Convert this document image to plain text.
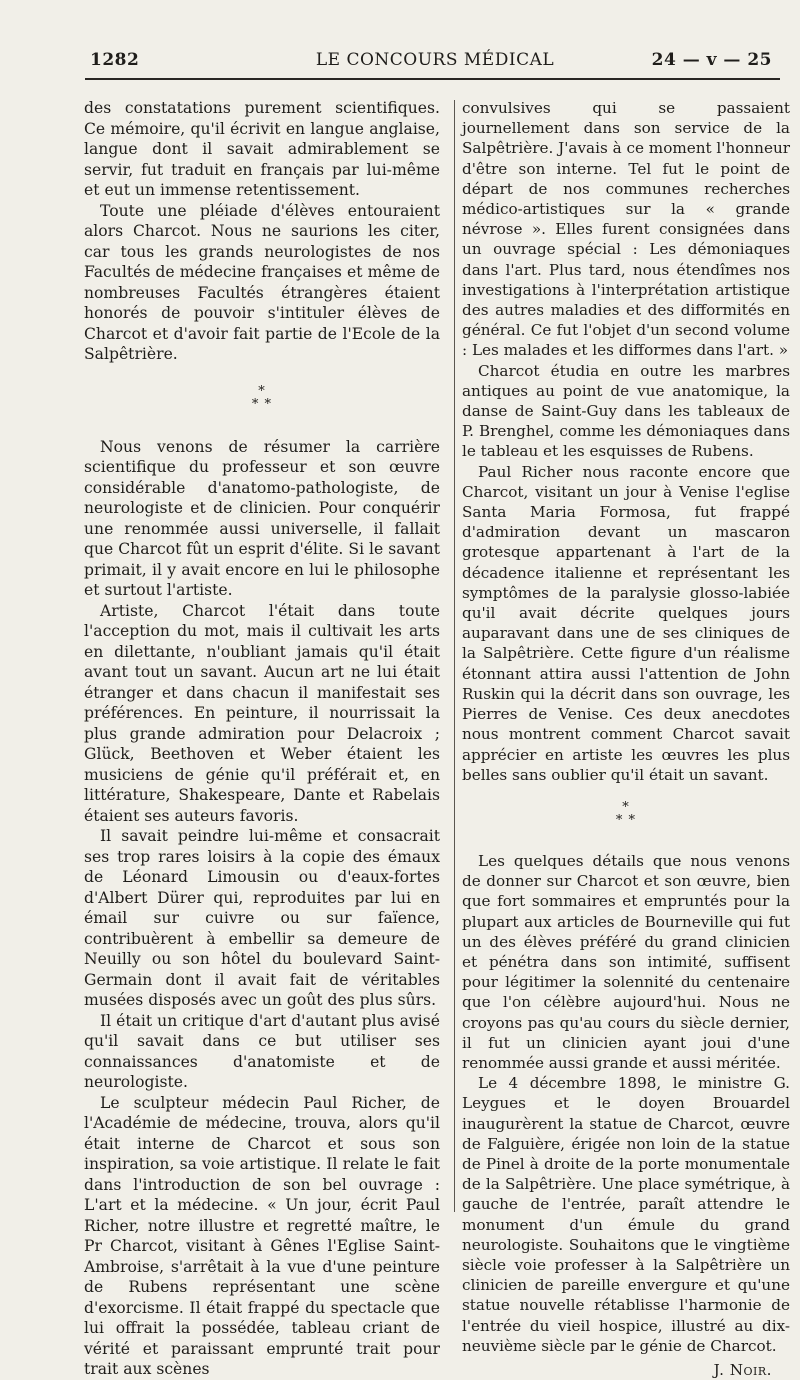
1282	LE CONCOURS MÉDICAL	24 — v — 25

des constatations purement scientifiques. Ce mémoire, qu'il écrivit en langue anglaise, langue dont il savait admirablement se servir, fut traduit en français par lui-même et eut un immense retentissement.

Toute une pléiade d'élèves entouraient alors Charcot. Nous ne saurions les citer, car tous les grands neurologistes de nos Facultés de médecine françaises et même de nombreuses Facultés étrangères étaient honorés de pouvoir s'intituler élèves de Charcot et d'avoir fait partie de l'Ecole de la Salpêtrière.

*
* *

Nous venons de résumer la carrière scientifique du professeur et son œuvre considérable d'anatomo-pathologiste, de neurologiste et de clinicien. Pour conquérir une renommée aussi universelle, il fallait que Charcot fût un esprit d'élite. Si le savant primait, il y avait encore en lui le philosophe et surtout l'artiste.

Artiste, Charcot l'était dans toute l'acception du mot, mais il cultivait les arts en dilettante, n'oubliant jamais qu'il était avant tout un savant. Aucun art ne lui était étranger et dans chacun il manifestait ses préférences. En peinture, il nourrissait la plus grande admiration pour Delacroix ; Glück, Beethoven et Weber étaient les musiciens de génie qu'il préférait et, en littérature, Shakespeare, Dante et Rabelais étaient ses auteurs favoris.

Il savait peindre lui-même et consacrait ses trop rares loisirs à la copie des émaux de Léonard Limousin ou d'eaux-fortes d'Albert Dürer qui, reproduites par lui en émail sur cuivre ou sur faïence, contribuèrent à embellir sa demeure de Neuilly ou son hôtel du boulevard Saint-Germain dont il avait fait de véritables musées disposés avec un goût des plus sûrs.

Il était un critique d'art d'autant plus avisé qu'il savait dans ce but utiliser ses connaissances d'anatomiste et de neurologiste.

Le sculpteur médecin Paul Richer, de l'Académie de médecine, trouva, alors qu'il était interne de Charcot et sous son inspiration, sa voie artistique. Il relate le fait dans l'introduction de son bel ouvrage : L'art et la médecine. « Un jour, écrit Paul Richer, notre illustre et regretté maître, le Pr Charcot, visitant à Gênes l'Eglise Saint-Ambroise, s'arrêtait à la vue d'une peinture de Rubens représentant une scène d'exorcisme. Il était frappé du spectacle que lui offrait la possédée, tableau criant de vérité et paraissant emprunté trait pour trait aux scènes

convulsives qui se passaient journellement dans son service de la Salpêtrière. J'avais à ce moment l'honneur d'être son interne. Tel fut le point de départ de nos communes recherches médico-artistiques sur la « grande névrose ». Elles furent consignées dans un ouvrage spécial : Les démoniaques dans l'art. Plus tard, nous étendîmes nos investigations à l'interprétation artistique des autres maladies et des difformités en général. Ce fut l'objet d'un second volume : Les malades et les difformes dans l'art. »

Charcot étudia en outre les marbres antiques au point de vue anatomique, la danse de Saint-Guy dans les tableaux de P. Brenghel, comme les démoniaques dans le tableau et les esquisses de Rubens.

Paul Richer nous raconte encore que Charcot, visitant un jour à Venise l'eglise Santa Maria Formosa, fut frappé d'admiration devant un mascaron grotesque appartenant à l'art de la décadence italienne et représentant les symptômes de la paralysie glosso-labiée qu'il avait décrite quelques jours auparavant dans une de ses cliniques de la Salpêtrière. Cette figure d'un réalisme étonnant attira aussi l'attention de John Ruskin qui la décrit dans son ouvrage, les Pierres de Venise. Ces deux anecdotes nous montrent comment Charcot savait apprécier en artiste les œuvres les plus belles sans oublier qu'il était un savant.

*
* *

Les quelques détails que nous venons de donner sur Charcot et son œuvre, bien que fort sommaires et empruntés pour la plupart aux articles de Bourneville qui fut un des élèves préféré du grand clinicien et pénétra dans son intimité, suffisent pour légitimer la solennité du centenaire que l'on célèbre aujourd'hui. Nous ne croyons pas qu'au cours du siècle dernier, il fut un clinicien ayant joui d'une renommée aussi grande et aussi méritée.

Le 4 décembre 1898, le ministre G. Leygues et le doyen Brouardel inaugurèrent la statue de Charcot, œuvre de Falguière, érigée non loin de la statue de Pinel à droite de la porte monumentale de la Salpêtrière. Une place symétrique, à gauche de l'entrée, paraît attendre le monument d'un émule du grand neurologiste. Souhaitons que le vingtième siècle voie professer à la Salpêtrière un clinicien de pareille envergure et qu'une statue nouvelle rétablisse l'harmonie de l'entrée du vieil hospice, illustré au dix-neuvième siècle par le génie de Charcot.

J. Noir.
